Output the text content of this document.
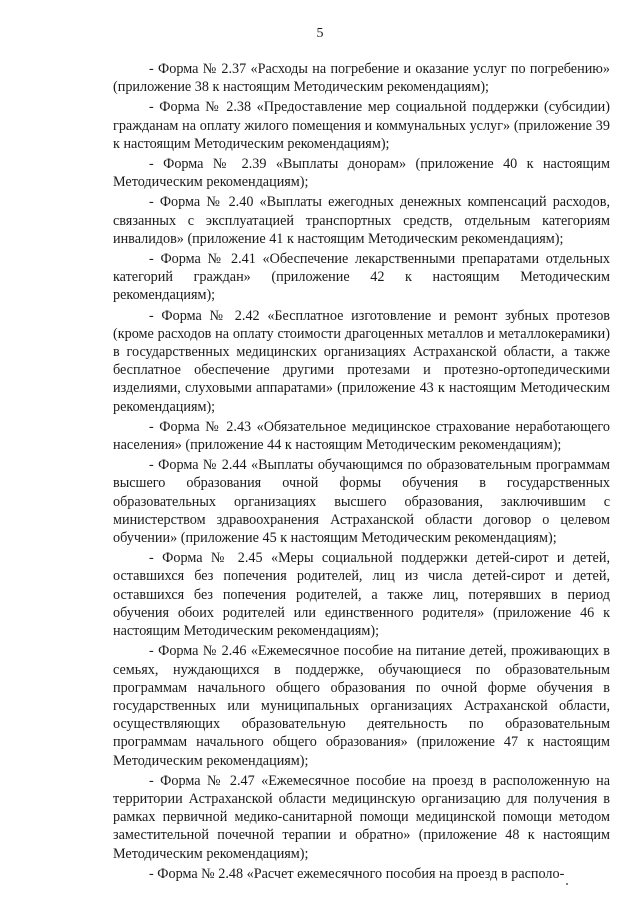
5

- Форма № 2.37 «Расходы на погребение и оказание услуг по погребению» (приложение 38 к настоящим Методическим рекомендациям);

- Форма № 2.38 «Предоставление мер социальной поддержки (субсидии) гражданам на оплату жилого помещения и коммунальных услуг» (приложение 39 к настоящим Методическим рекомендациям);

- Форма № 2.39 «Выплаты донорам» (приложение 40 к настоящим Методическим рекомендациям);

- Форма № 2.40 «Выплаты ежегодных денежных компенсаций расходов, связанных с эксплуатацией транспортных средств, отдельным категориям инвалидов» (приложение 41 к настоящим Методическим рекомендациям);

- Форма № 2.41 «Обеспечение лекарственными препаратами отдельных категорий граждан» (приложение 42 к настоящим Методическим рекомендациям);

- Форма № 2.42 «Бесплатное изготовление и ремонт зубных протезов (кроме расходов на оплату стоимости драгоценных металлов и металлокерамики) в государственных медицинских организациях Астраханской области, а также бесплатное обеспечение другими протезами и протезно-ортопедическими изделиями, слуховыми аппаратами» (приложение 43 к настоящим Методическим рекомендациям);

- Форма № 2.43 «Обязательное медицинское страхование неработающего населения» (приложение 44 к настоящим Методическим рекомендациям);

- Форма № 2.44 «Выплаты обучающимся по образовательным программам высшего образования очной формы обучения в государственных образовательных организациях высшего образования, заключившим с министерством здравоохранения Астраханской области договор о целевом обучении» (приложение 45 к настоящим Методическим рекомендациям);

- Форма № 2.45 «Меры социальной поддержки детей-сирот и детей, оставшихся без попечения родителей, лиц из числа детей-сирот и детей, оставшихся без попечения родителей, а также лиц, потерявших в период обучения обоих родителей или единственного родителя» (приложение 46 к настоящим Методическим рекомендациям);

- Форма № 2.46 «Ежемесячное пособие на питание детей, проживающих в семьях, нуждающихся в поддержке, обучающиеся по образовательным программам начального общего образования по очной форме обучения в государственных или муниципальных организациях Астраханской области, осуществляющих образовательную деятельность по образовательным программам начального общего образования» (приложение 47 к настоящим Методическим рекомендациям);

- Форма № 2.47 «Ежемесячное пособие на проезд в расположенную на территории Астраханской области медицинскую организацию для получения в рамках первичной медико-санитарной помощи медицинской помощи методом заместительной почечной терапии и обратно» (приложение 48 к настоящим Методическим рекомендациям);

- Форма № 2.48 «Расчет ежемесячного пособия на проезд в располо-
